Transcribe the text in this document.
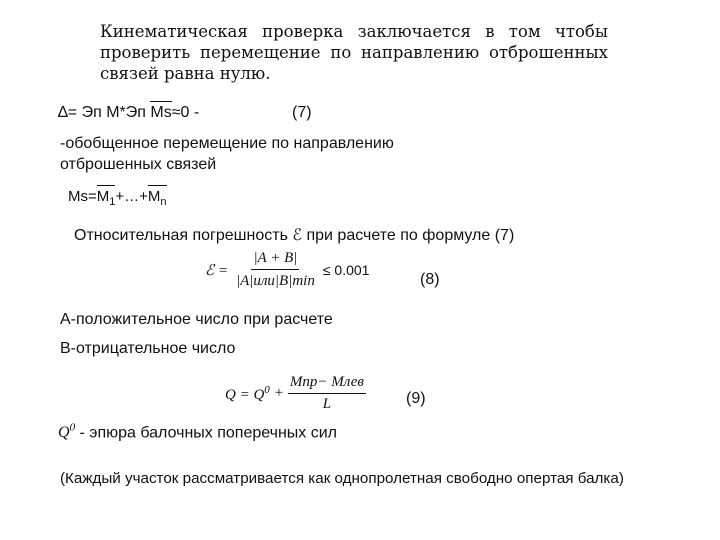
Кинематическая проверка заключается в том чтобы
проверить перемещение по направлению отброшенных
связей равна нулю.
∆= Эп М*Эп Мs≈0 -	(7)
-обобщенное перемещение по направлению
отброшенных связей
$Мs=М_1+\dots+М_n$
Относительная погрешность ℰ при расчете по формуле (7)
ℰ = $\frac{|A + B|}{\text{|A|или|B|min}} \le 0.001$
(8)
А-положительное число при расчете
В-отрицательное число
$Q = Q^0 + \frac{\text{Мпр− Млев}}{L}$	(9)
$Q^0$ - эпюра балочных поперечных сил
(Каждый участок рассматривается как однопролетная свободно опертая балка)
